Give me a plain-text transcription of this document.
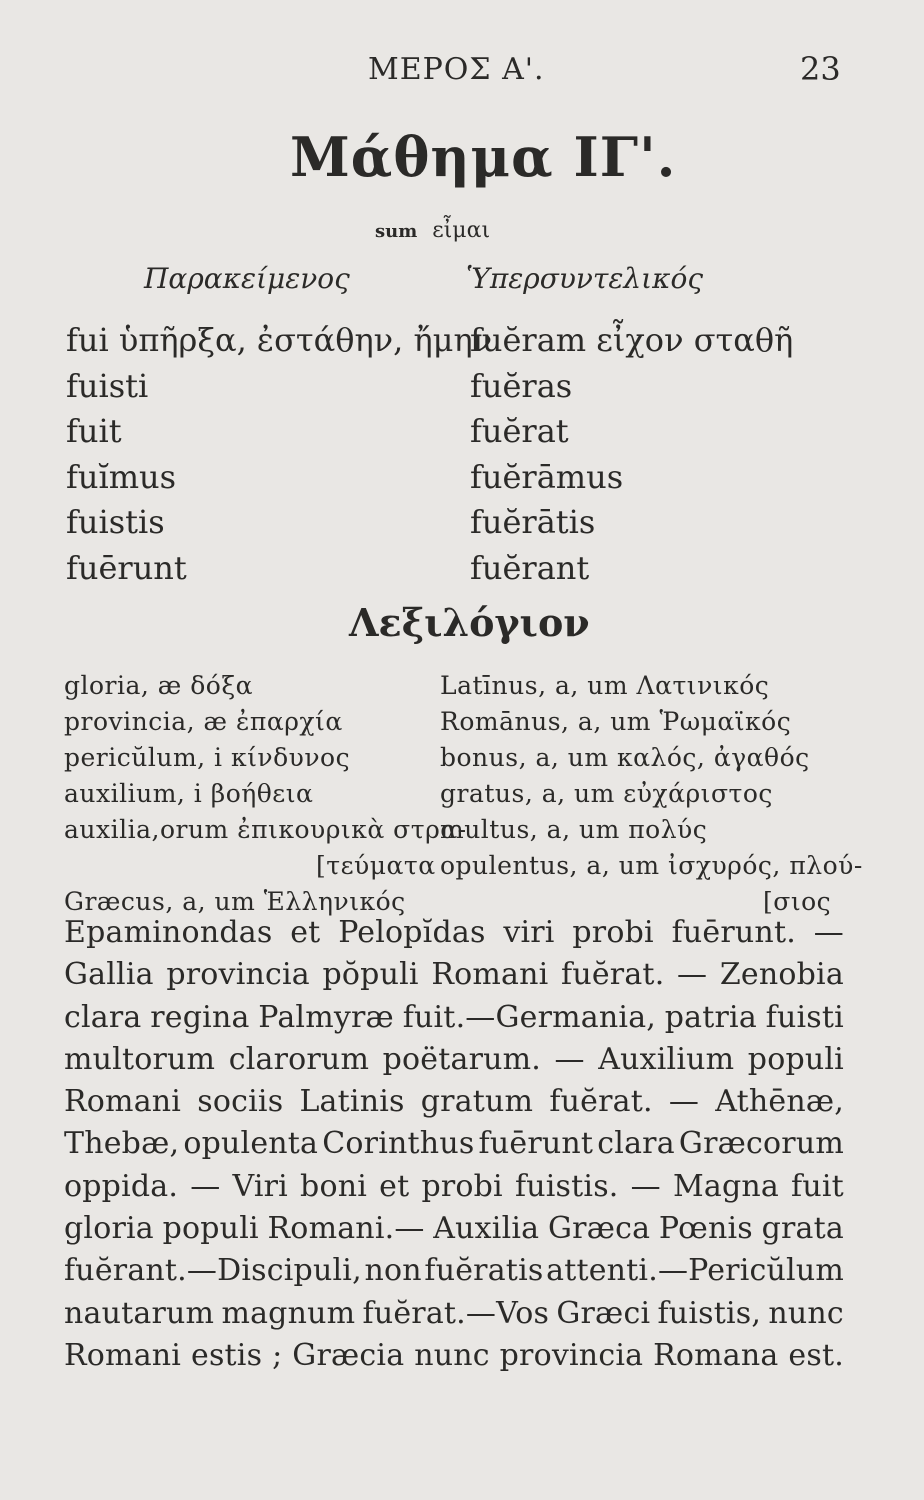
ΜΕΡΟΣ Α'.	23
Μάθημα ΙΓ'.
sum εἶμαι
Παρακείμενος	Ὑπερσυντελικός
fui ὑπῆρξα, ἐστάθην, ἤμην
fuisti
fuit
fuĭmus
fuistis
fuērunt
fuĕram εἶχον σταθῆ
fuĕras
fuĕrat
fuĕrāmus
fuĕrātis
fuĕrant
Λεξιλόγιον
gloria, æ δόξα
provincia, æ ἐπαρχία
pericŭlum, i κίνδυνος
auxilium, i βοήθεια
auxilia,orum ἐπικουρικὰ στρα-
[τεύματα
Græcus, a, um Ἑλληνικός
Latīnus, a, um Λατινικός
Romānus, a, um Ῥωμαϊκός
bonus, a, um καλός, ἀγαθός
gratus, a, um εὐχάριστος
multus, a, um πολύς
opulentus, a, um ἰσχυρός, πλού-
[σιος
Epaminondas et Pelopĭdas viri probi fuērunt. —
Gallia provincia pŏpuli Romani fuĕrat. — Zenobia
clara regina Palmyræ fuit.—Germania, patria fuisti
multorum clarorum poëtarum. — Auxilium populi
Romani sociis Latinis gratum fuĕrat. — Athēnæ,
Thebæ, opulenta Corinthus fuērunt clara Græcorum
oppida. — Viri boni et probi fuistis. — Magna fuit
gloria populi Romani.— Auxilia Græca Pœnis grata
fuĕrant.—Discipuli, non fuĕratis attenti.—Pericŭlum
nautarum magnum fuĕrat.—Vos Græci fuistis, nunc
Romani estis ; Græcia nunc provincia Romana est.
